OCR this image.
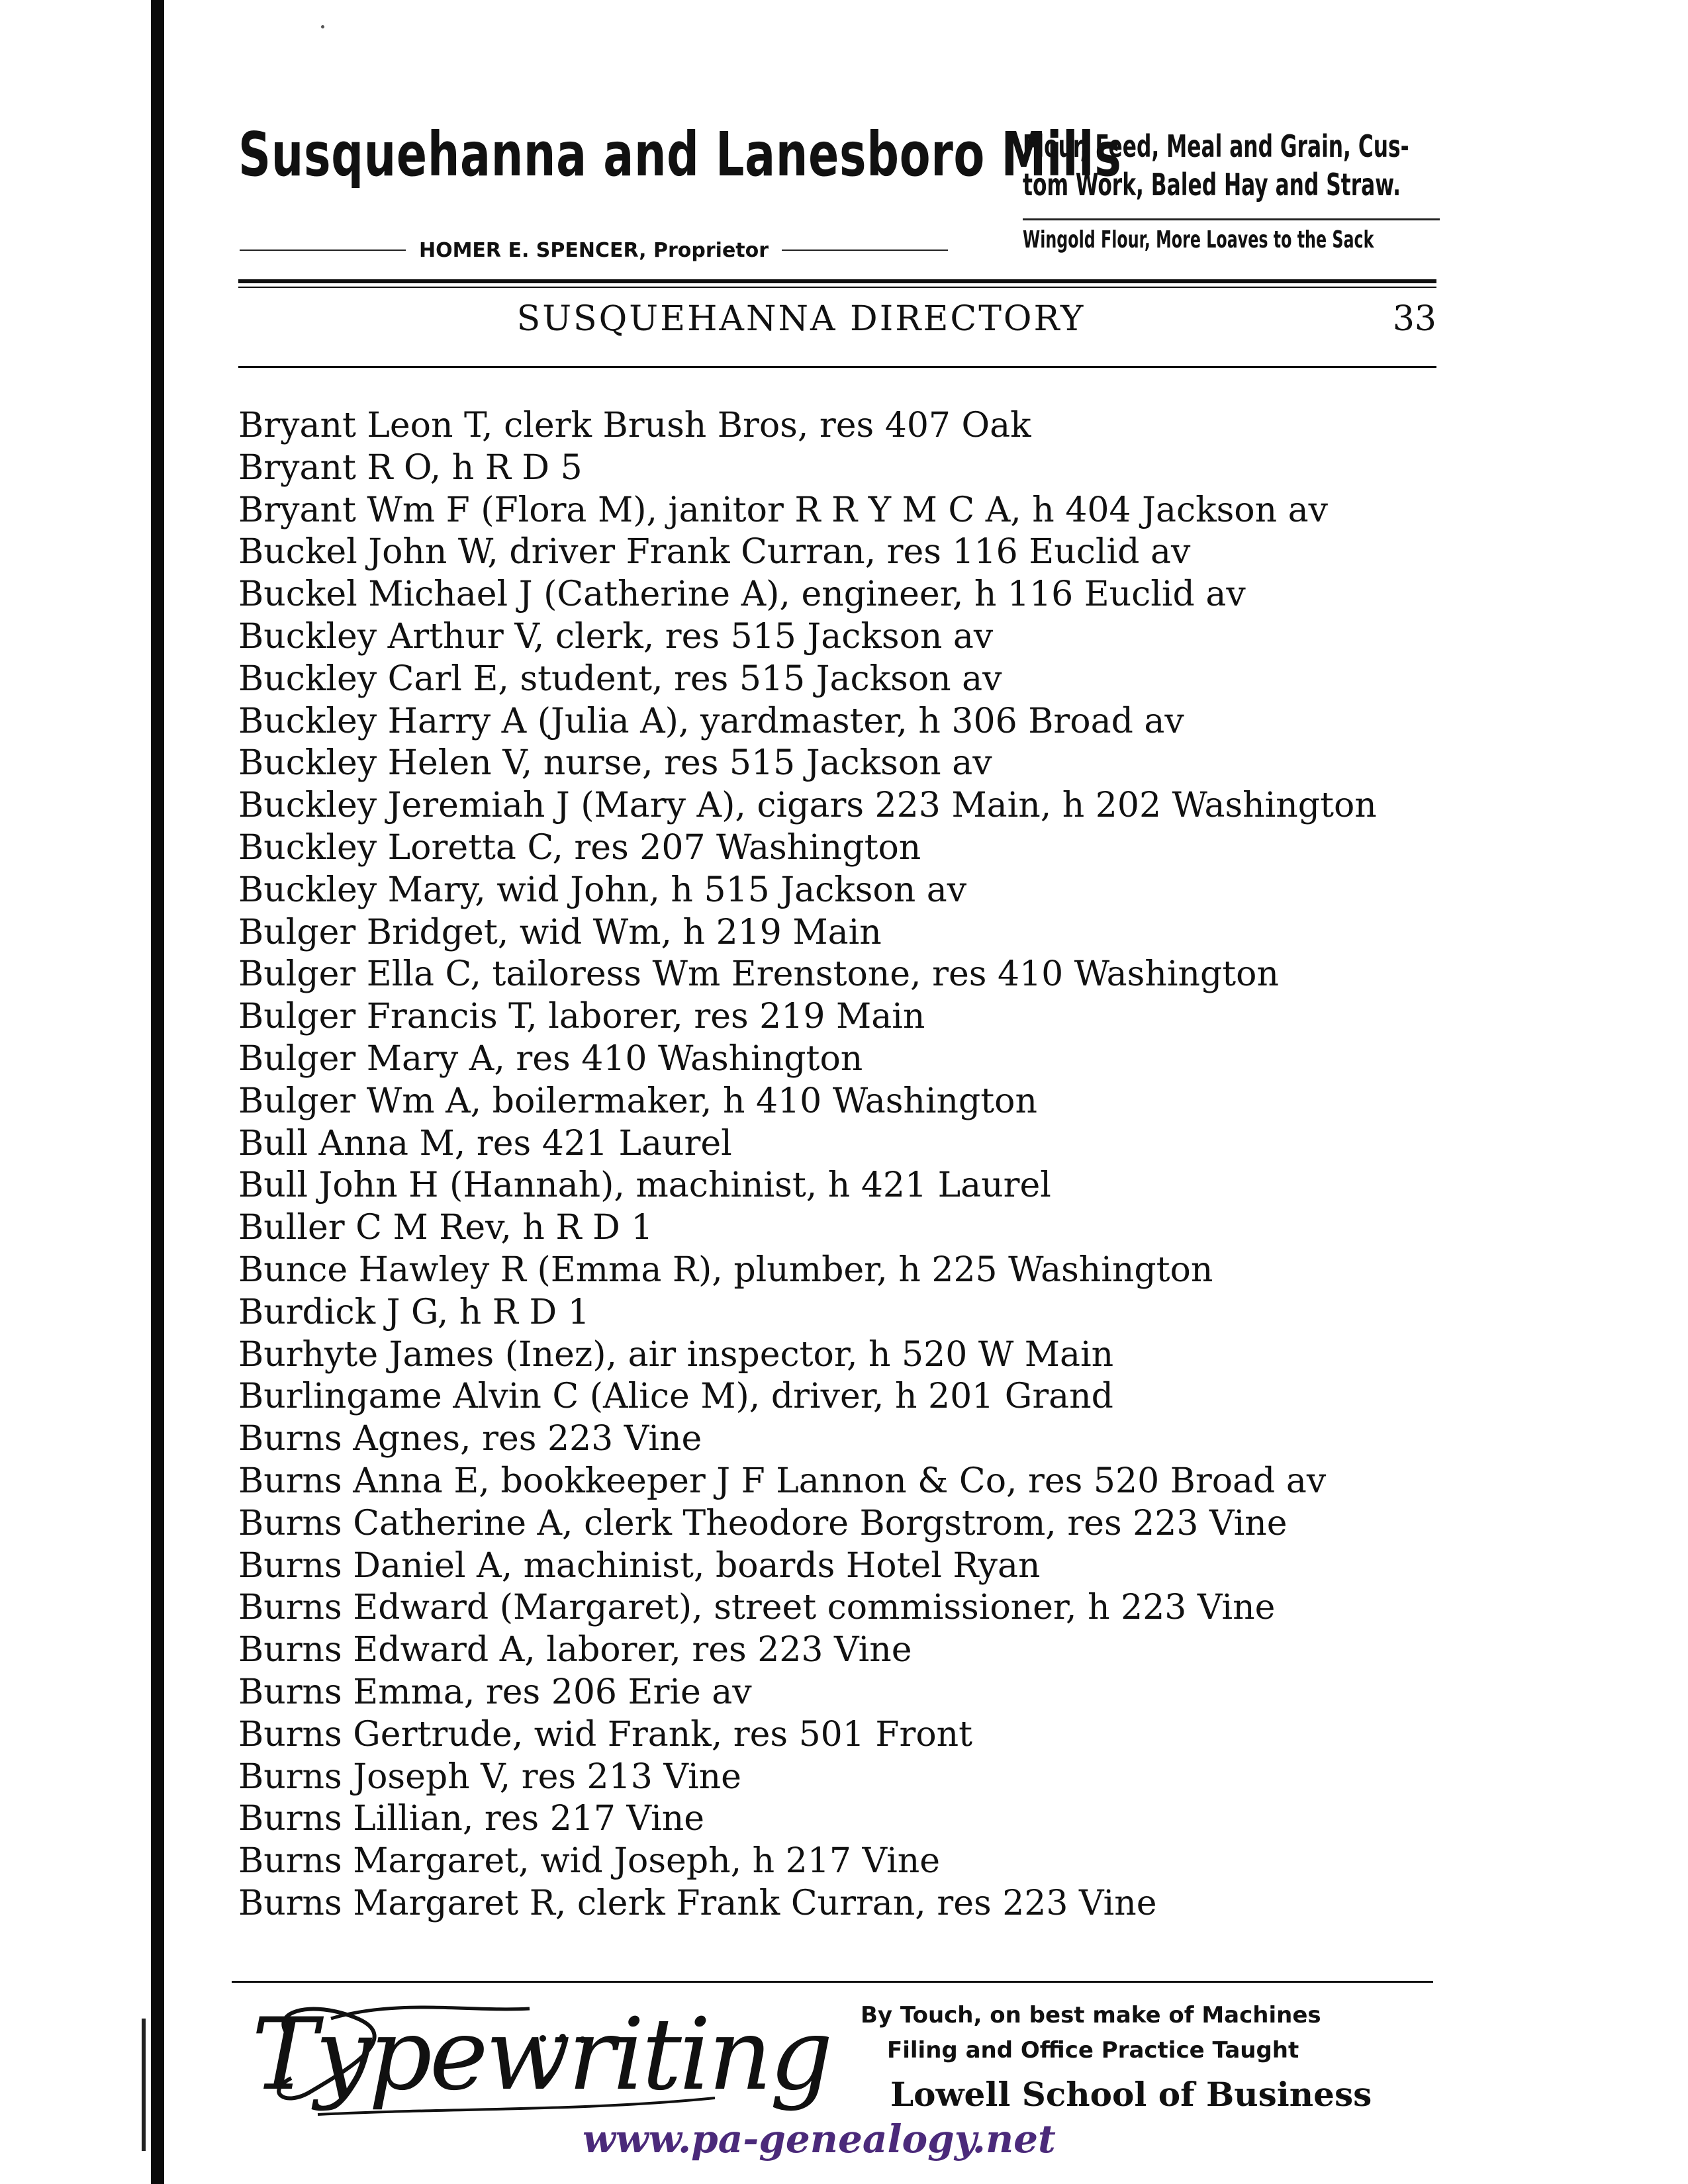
Susquehanna and Lanesboro Mills
Flour, Feed, Meal and Grain, Cus-
tom Work, Baled Hay and Straw.
HOMER E. SPENCER, Proprietor	Wingold Flour, More Loaves to the Sack
SUSQUEHANNA DIRECTORY	33
Bryant Leon T, clerk Brush Bros, res 407 Oak
Bryant R O, h R D 5
Bryant Wm F (Flora M), janitor R R Y M C A, h 404 Jackson av
Buckel John W, driver Frank Curran, res 116 Euclid av
Buckel Michael J (Catherine A), engineer, h 116 Euclid av
Buckley Arthur V, clerk, res 515 Jackson av
Buckley Carl E, student, res 515 Jackson av
Buckley Harry A (Julia A), yardmaster, h 306 Broad av
Buckley Helen V, nurse, res 515 Jackson av
Buckley Jeremiah J (Mary A), cigars 223 Main, h 202 Washington
Buckley Loretta C, res 207 Washington
Buckley Mary, wid John, h 515 Jackson av
Bulger Bridget, wid Wm, h 219 Main
Bulger Ella C, tailoress Wm Erenstone, res 410 Washington
Bulger Francis T, laborer, res 219 Main
Bulger Mary A, res 410 Washington
Bulger Wm A, boilermaker, h 410 Washington
Bull Anna M, res 421 Laurel
Bull John H (Hannah), machinist, h 421 Laurel
Buller C M Rev, h R D 1
Bunce Hawley R (Emma R), plumber, h 225 Washington
Burdick J G, h R D 1
Burhyte James (Inez), air inspector, h 520 W Main
Burlingame Alvin C (Alice M), driver, h 201 Grand
Burns Agnes, res 223 Vine
Burns Anna E, bookkeeper J F Lannon & Co, res 520 Broad av
Burns Catherine A, clerk Theodore Borgstrom, res 223 Vine
Burns Daniel A, machinist, boards Hotel Ryan
Burns Edward (Margaret), street commissioner, h 223 Vine
Burns Edward A, laborer, res 223 Vine
Burns Emma, res 206 Erie av
Burns Gertrude, wid Frank, res 501 Front
Burns Joseph V, res 213 Vine
Burns Lillian, res 217 Vine
Burns Margaret, wid Joseph, h 217 Vine
Burns Margaret R, clerk Frank Curran, res 223 Vine
Typewriting By Touch, on best make of Machines
Filing and Office Practice Taught
Lowell School of Business
www.pa-genealogy.net
